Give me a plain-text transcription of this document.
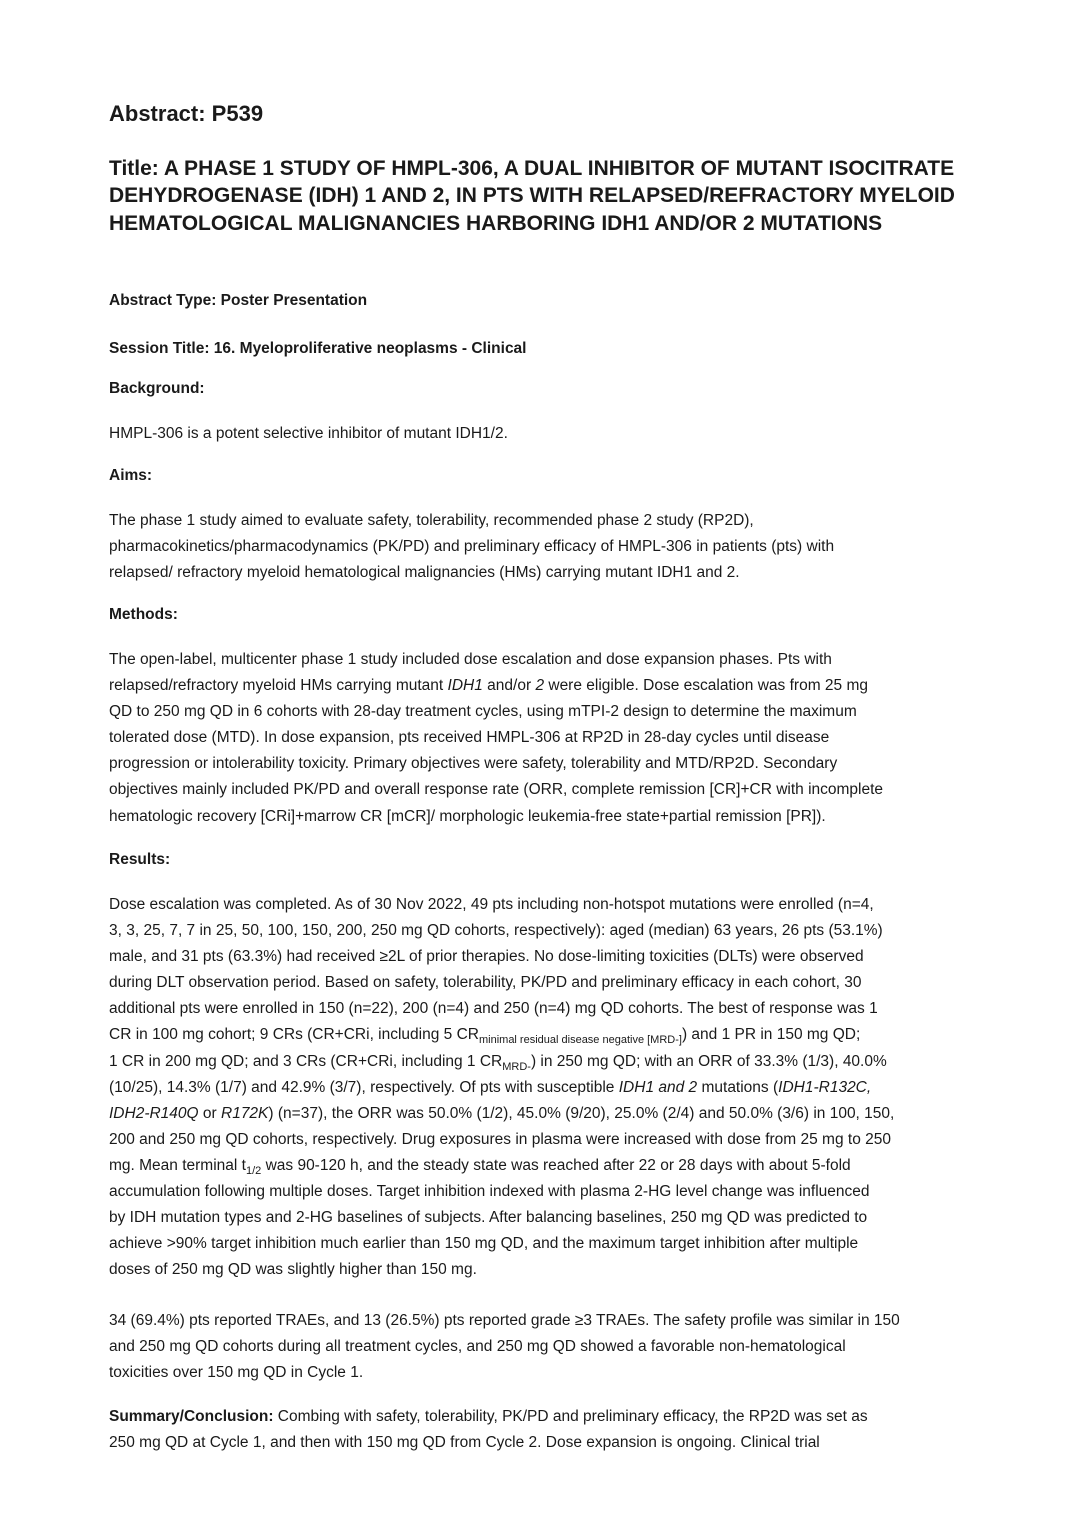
Abstract: P539
Title: A PHASE 1 STUDY OF HMPL-306, A DUAL INHIBITOR OF MUTANT ISOCITRATE DEHYDROGENASE (IDH) 1 AND 2, IN PTS WITH RELAPSED/REFRACTORY MYELOID HEMATOLOGICAL MALIGNANCIES HARBORING IDH1 AND/OR 2 MUTATIONS
Abstract Type: Poster Presentation
Session Title: 16. Myeloproliferative neoplasms - Clinical
Background:

HMPL-306 is a potent selective inhibitor of mutant IDH1/2.

Aims:

The phase 1 study aimed to evaluate safety, tolerability, recommended phase 2 study (RP2D),
pharmacokinetics/pharmacodynamics (PK/PD) and preliminary efficacy of HMPL-306 in patients (pts) with
relapsed/ refractory myeloid hematological malignancies (HMs) carrying mutant IDH1 and 2.

Methods:

The open-label, multicenter phase 1 study included dose escalation and dose expansion phases. Pts with
relapsed/refractory myeloid HMs carrying mutant IDH1 and/or 2 were eligible. Dose escalation was from 25 mg
QD to 250 mg QD in 6 cohorts with 28-day treatment cycles, using mTPI-2 design to determine the maximum
tolerated dose (MTD). In dose expansion, pts received HMPL-306 at RP2D in 28-day cycles until disease
progression or intolerability toxicity. Primary objectives were safety, tolerability and MTD/RP2D. Secondary
objectives mainly included PK/PD and overall response rate (ORR, complete remission [CR]+CR with incomplete
hematologic recovery [CRi]+marrow CR [mCR]/ morphologic leukemia-free state+partial remission [PR]).

Results:

Dose escalation was completed. As of 30 Nov 2022, 49 pts including non-hotspot mutations were enrolled (n=4,
3, 3, 25, 7, 7 in 25, 50, 100, 150, 200, 250 mg QD cohorts, respectively): aged (median) 63 years, 26 pts (53.1%)
male, and 31 pts (63.3%) had received ≥2L of prior therapies. No dose-limiting toxicities (DLTs) were observed
during DLT observation period. Based on safety, tolerability, PK/PD and preliminary efficacy in each cohort, 30
additional pts were enrolled in 150 (n=22), 200 (n=4) and 250 (n=4) mg QD cohorts. The best of response was 1
CR in 100 mg cohort; 9 CRs (CR+CRi, including 5 $CR_{minimal residual disease negative [MRD-]}$) and 1 PR in 150 mg QD;
1 CR in 200 mg QD; and 3 CRs (CR+CRi, including 1 $CR_{MRD-}$) in 250 mg QD; with an ORR of 33.3% (1/3), 40.0%
(10/25), 14.3% (1/7) and 42.9% (3/7), respectively. Of pts with susceptible IDH1 and 2 mutations (IDH1-R132C,
IDH2-R140Q or R172K) (n=37), the ORR was 50.0% (1/2), 45.0% (9/20), 25.0% (2/4) and 50.0% (3/6) in 100, 150,
200 and 250 mg QD cohorts, respectively. Drug exposures in plasma were increased with dose from 25 mg to 250
mg. Mean terminal $t_{1/2}$ was 90-120 h, and the steady state was reached after 22 or 28 days with about 5-fold
accumulation following multiple doses. Target inhibition indexed with plasma 2-HG level change was influenced
by IDH mutation types and 2-HG baselines of subjects. After balancing baselines, 250 mg QD was predicted to
achieve >90% target inhibition much earlier than 150 mg QD, and the maximum target inhibition after multiple
doses of 250 mg QD was slightly higher than 150 mg.

34 (69.4%) pts reported TRAEs, and 13 (26.5%) pts reported grade ≥3 TRAEs. The safety profile was similar in 150
and 250 mg QD cohorts during all treatment cycles, and 250 mg QD showed a favorable non-hematological
toxicities over 150 mg QD in Cycle 1.

Summary/Conclusion: Combing with safety, tolerability, PK/PD and preliminary efficacy, the RP2D was set as
250 mg QD at Cycle 1, and then with 150 mg QD from Cycle 2. Dose expansion is ongoing. Clinical trial
